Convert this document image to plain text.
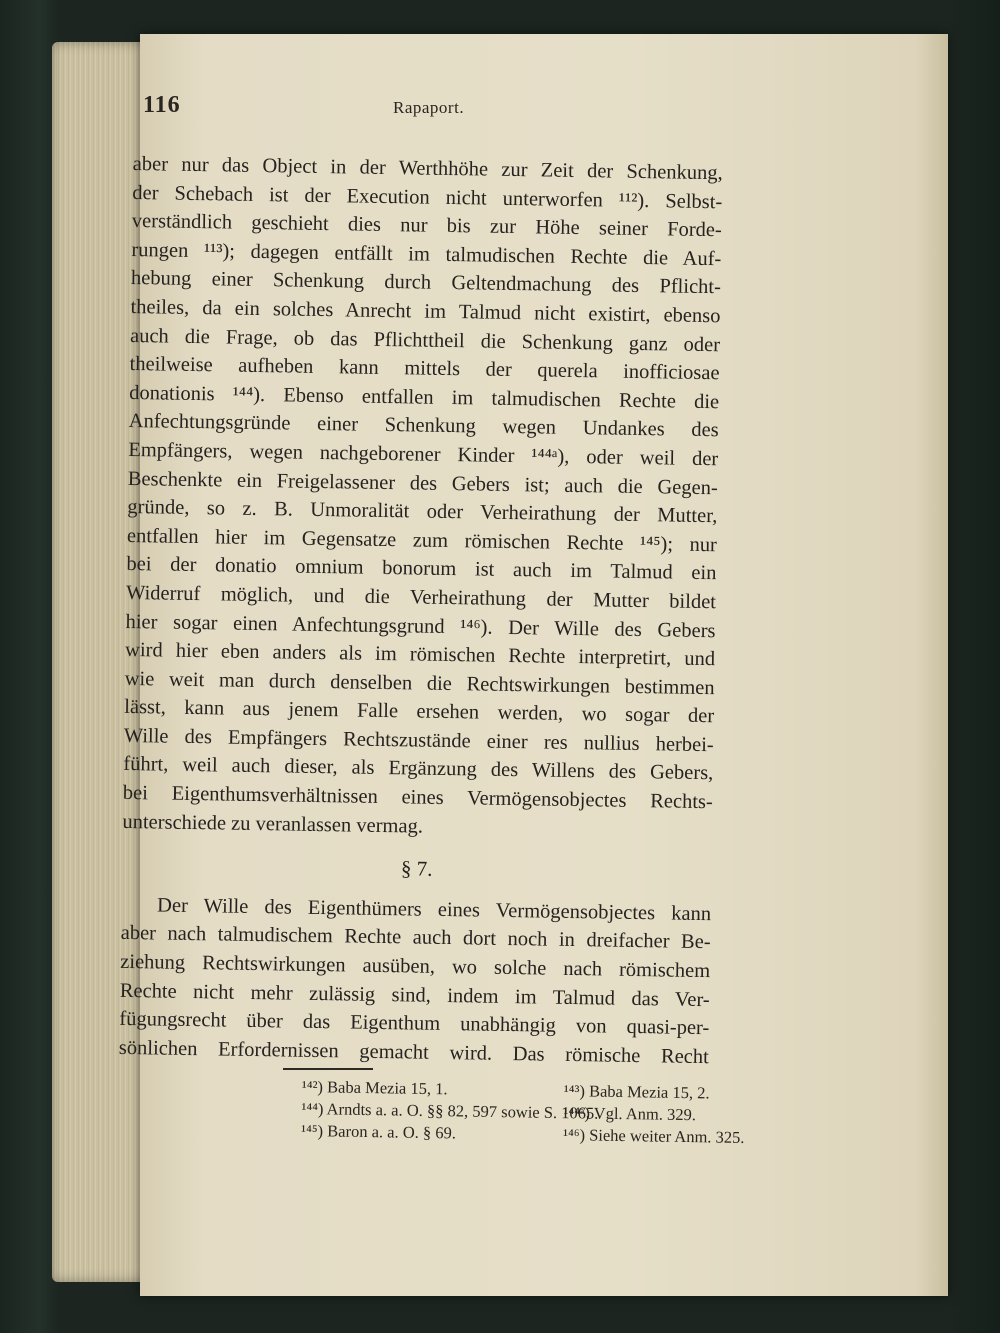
116	Rapaport.
aber nur das Object in der Werthhöhe zur Zeit der Schenkung,
der Schebach ist der Execution nicht unterworfen ¹¹²). Selbst-
verständlich geschieht dies nur bis zur Höhe seiner Forde-
rungen ¹¹³); dagegen entfällt im talmudischen Rechte die Auf-
hebung einer Schenkung durch Geltendmachung des Pflicht-
theiles, da ein solches Anrecht im Talmud nicht existirt, ebenso
auch die Frage, ob das Pflichttheil die Schenkung ganz oder
theilweise aufheben kann mittels der querela inofficiosae
donationis ¹⁴⁴). Ebenso entfallen im talmudischen Rechte die
Anfechtungsgründe einer Schenkung wegen Undankes des
Empfängers, wegen nachgeborener Kinder ¹⁴⁴ᵃ), oder weil der
Beschenkte ein Freigelassener des Gebers ist; auch die Gegen-
gründe, so z. B. Unmoralität oder Verheirathung der Mutter,
entfallen hier im Gegensatze zum römischen Rechte ¹⁴⁵); nur
bei der donatio omnium bonorum ist auch im Talmud ein
Widerruf möglich, und die Verheirathung der Mutter bildet
hier sogar einen Anfechtungsgrund ¹⁴⁶). Der Wille des Gebers
wird hier eben anders als im römischen Rechte interpretirt, und
wie weit man durch denselben die Rechtswirkungen bestimmen
lässt, kann aus jenem Falle ersehen werden, wo sogar der
Wille des Empfängers Rechtszustände einer res nullius herbei-
führt, weil auch dieser, als Ergänzung des Willens des Gebers,
bei Eigenthumsverhältnissen eines Vermögensobjectes Rechts-
unterschiede zu veranlassen vermag.
§ 7.
Der Wille des Eigenthümers eines Vermögensobjectes kann
aber nach talmudischem Rechte auch dort noch in dreifacher Be-
ziehung Rechtswirkungen ausüben, wo solche nach römischem
Rechte nicht mehr zulässig sind, indem im Talmud das Ver-
fügungsrecht über das Eigenthum unabhängig von quasi-per-
sönlichen Erfordernissen gemacht wird. Das römische Recht
¹⁴²) Baba Mezia 15, 1.	¹⁴³) Baba Mezia 15, 2.
¹⁴⁴) Arndts a. a. O. §§ 82, 597 sowie S. 1065.
¹⁴⁴ᵃ) Vgl. Anm. 329.
¹⁴⁵) Baron a. a. O. § 69.	¹⁴⁶) Siehe weiter Anm. 325.
